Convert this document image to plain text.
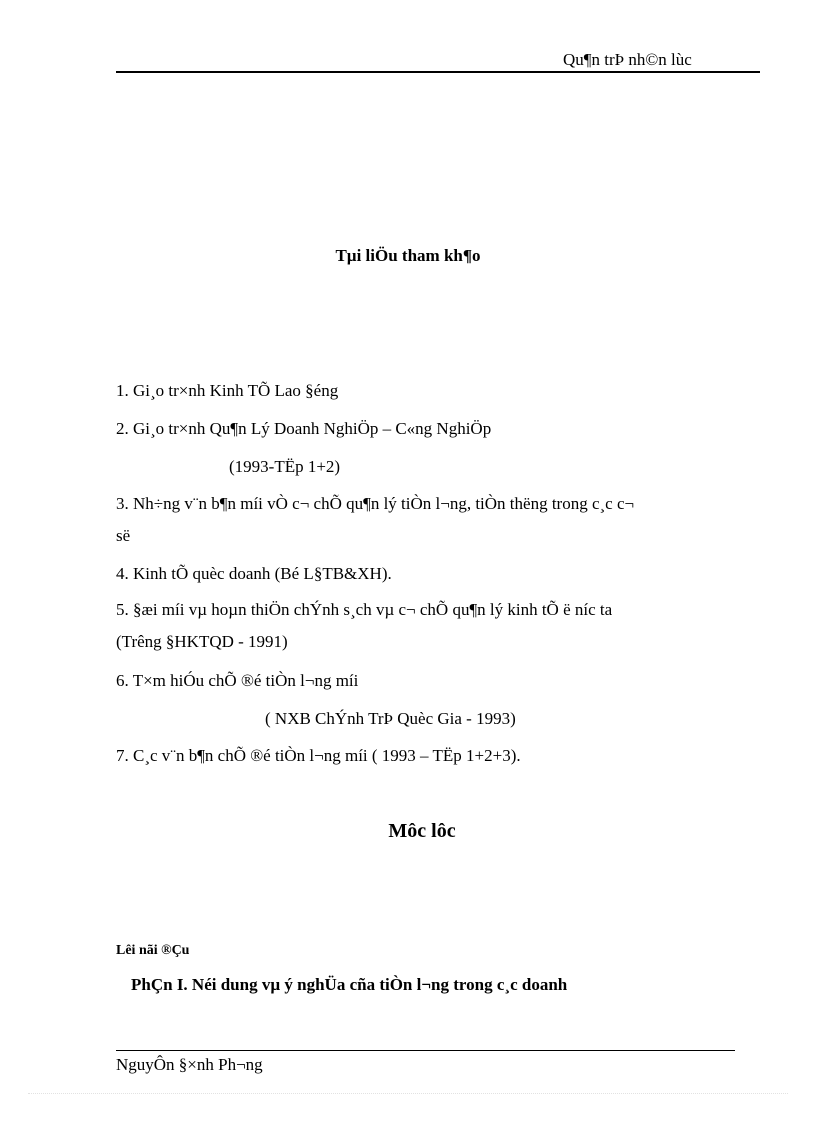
Qu¶n trÞ nh©n lùc
Tµi liÖu tham kh¶o
1. Gi¸o tr×nh Kinh TÕ Lao §éng
2. Gi¸o tr×nh Qu¶n Lý Doanh NghiÖp – C«ng NghiÖp
(1993-TËp 1+2)
3. Nh÷ng v¨n b¶n míi vÒ c¬ chÕ qu¶n lý tiÒn l¬ng, tiÒn thëng trong c¸c c¬
së
4. Kinh tÕ quèc doanh (Bé L§TB&XH).
5. §æi míi vµ hoµn thiÖn chÝnh s¸ch vµ c¬ chÕ qu¶n lý kinh tÕ ë níc ta
(Trêng §HKTQD - 1991)
6. T×m hiÓu chÕ ®é tiÒn l¬ng míi
( NXB ChÝnh TrÞ Quèc Gia - 1993)
7. C¸c v¨n b¶n chÕ ®é tiÒn l¬ng míi ( 1993 – TËp 1+2+3).
Môc lôc
Lêi nãi ®Çu
PhÇn I. Néi dung vµ ý nghÜa cña tiÒn l¬ng trong c¸c doanh
NguyÔn §×nh Ph¬ng
